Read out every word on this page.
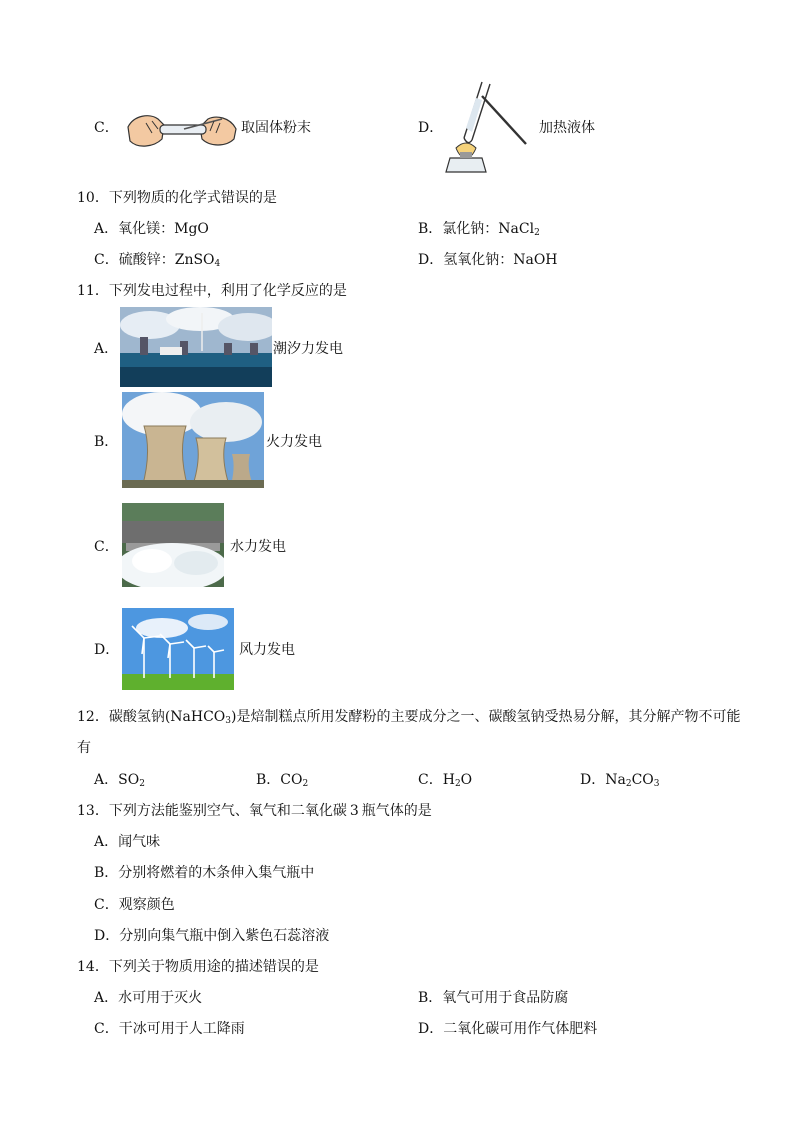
C．	取固体粉末	D．	加热液体
10．下列物质的化学式错误的是
A．氧化镁：MgO	B．氯化钠：NaCl$_2$
C．硫酸锌：ZnSO$_4$	D．氢氧化钠：NaOH
11．下列发电过程中，利用了化学反应的是
A．	潮汐力发电
B．	火力发电
C．	水力发电
D．	风力发电
12．碳酸氢钠(NaHCO$_3$)是焙制糕点所用发酵粉的主要成分之一、碳酸氢钠受热易分解，其分解产物不可能
有
A．$SO_2$	B．$CO_2$	C．$H_2O$	D．$Na_2CO_3$
13．下列方法能鉴别空气、氧气和二氧化碳 3 瓶气体的是
A．闻气味
B．分别将燃着的木条伸入集气瓶中
C．观察颜色
D．分别向集气瓶中倒入紫色石蕊溶液
14．下列关于物质用途的描述错误的是
A．水可用于灭火	B．氧气可用于食品防腐
C．干冰可用于人工降雨	D．二氧化碳可用作气体肥料
